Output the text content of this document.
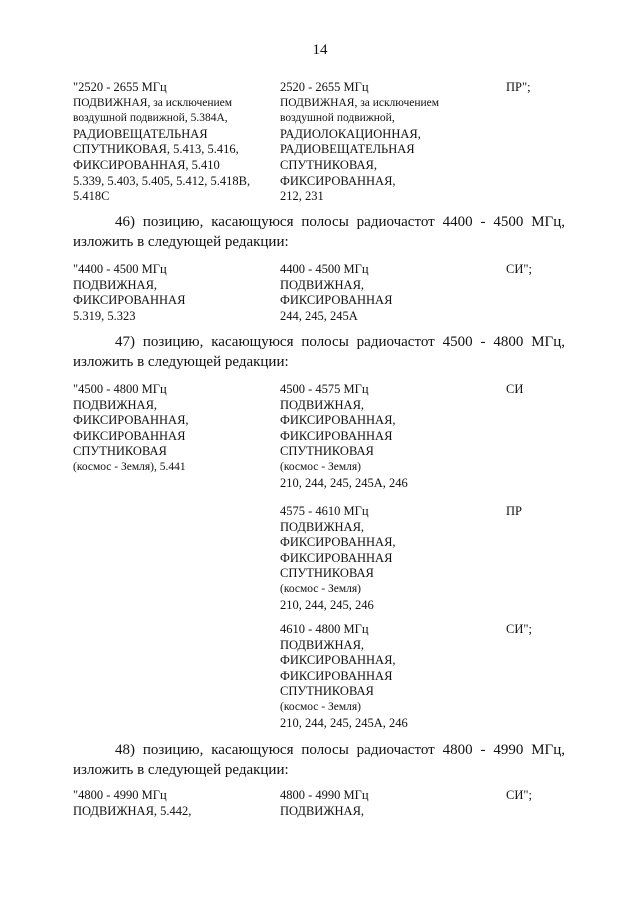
14
"2520 - 2655 МГц
ПОДВИЖНАЯ, за исключением
воздушной подвижной, 5.384A,
РАДИОВЕЩАТЕЛЬНАЯ
СПУТНИКОВАЯ, 5.413, 5.416,
ФИКСИРОВАННАЯ, 5.410
5.339, 5.403, 5.405, 5.412, 5.418B,
5.418C
2520 - 2655 МГц
ПОДВИЖНАЯ, за исключением
воздушной подвижной,
РАДИОЛОКАЦИОННАЯ,
РАДИОВЕЩАТЕЛЬНАЯ
СПУТНИКОВАЯ,
ФИКСИРОВАННАЯ,
212, 231
ПР";
46) позицию, касающуюся полосы радиочастот 4400 - 4500 МГц,
изложить в следующей редакции:
"4400 - 4500 МГц
ПОДВИЖНАЯ,
ФИКСИРОВАННАЯ
5.319, 5.323
4400 - 4500 МГц
ПОДВИЖНАЯ,
ФИКСИРОВАННАЯ
244, 245, 245A
СИ";
47) позицию, касающуюся полосы радиочастот 4500 - 4800 МГц,
изложить в следующей редакции:
"4500 - 4800 МГц
ПОДВИЖНАЯ,
ФИКСИРОВАННАЯ,
ФИКСИРОВАННАЯ
СПУТНИКОВАЯ
(космос - Земля), 5.441
4500 - 4575 МГц
ПОДВИЖНАЯ,
ФИКСИРОВАННАЯ,
ФИКСИРОВАННАЯ
СПУТНИКОВАЯ
(космос - Земля)
210, 244, 245, 245A, 246
СИ
4575 - 4610 МГц
ПОДВИЖНАЯ,
ФИКСИРОВАННАЯ,
ФИКСИРОВАННАЯ
СПУТНИКОВАЯ
(космос - Земля)
210, 244, 245, 246
ПР
4610 - 4800 МГц
ПОДВИЖНАЯ,
ФИКСИРОВАННАЯ,
ФИКСИРОВАННАЯ
СПУТНИКОВАЯ
(космос - Земля)
210, 244, 245, 245A, 246
СИ";
48) позицию, касающуюся полосы радиочастот 4800 - 4990 МГц,
изложить в следующей редакции:
"4800 - 4990 МГц
ПОДВИЖНАЯ, 5.442,
4800 - 4990 МГц
ПОДВИЖНАЯ,
СИ";
